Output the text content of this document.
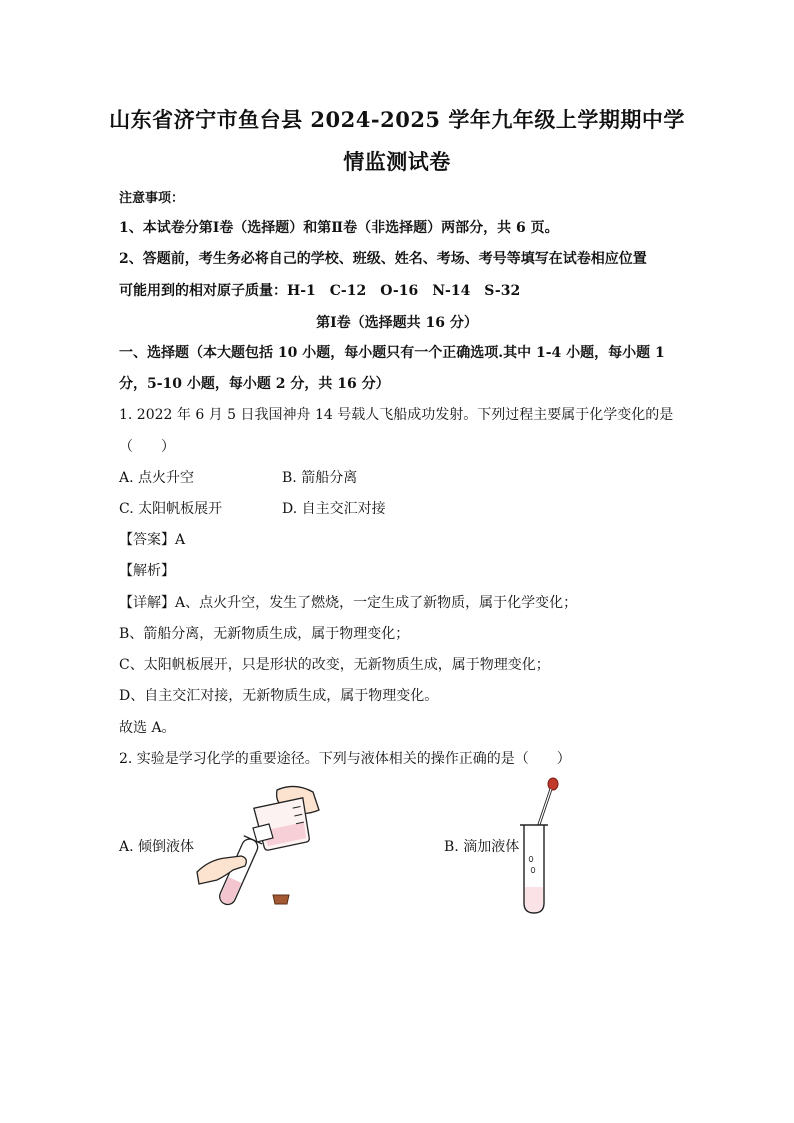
山东省济宁市鱼台县 2024-2025 学年九年级上学期期中学
情监测试卷
注意事项：
1、本试卷分第Ⅰ卷（选择题）和第Ⅱ卷（非选择题）两部分，共 6 页。
2、答题前，考生务必将自己的学校、班级、姓名、考场、考号等填写在试卷相应位置
可能用到的相对原子质量：H-1　C-12　O-16　N-14　S-32
第Ⅰ卷（选择题共 16 分）
一、选择题（本大题包括 10 小题，每小题只有一个正确选项.其中 1-4 小题，每小题 1
分，5-10 小题，每小题 2 分，共 16 分）
1. 2022 年 6 月 5 日我国神舟 14 号载人飞船成功发射。下列过程主要属于化学变化的是
（　　）
A. 点火升空	B. 箭船分离
C. 太阳帆板展开	D. 自主交汇对接
【答案】A
【解析】
【详解】A、点火升空，发生了燃烧，一定生成了新物质，属于化学变化；
B、箭船分离，无新物质生成，属于物理变化；
C、太阳帆板展开，只是形状的改变，无新物质生成，属于物理变化；
D、自主交汇对接，无新物质生成，属于物理变化。
故选 A。
2. 实验是学习化学的重要途径。下列与液体相关的操作正确的是（　　）
A. 倾倒液体	B. 滴加液体
